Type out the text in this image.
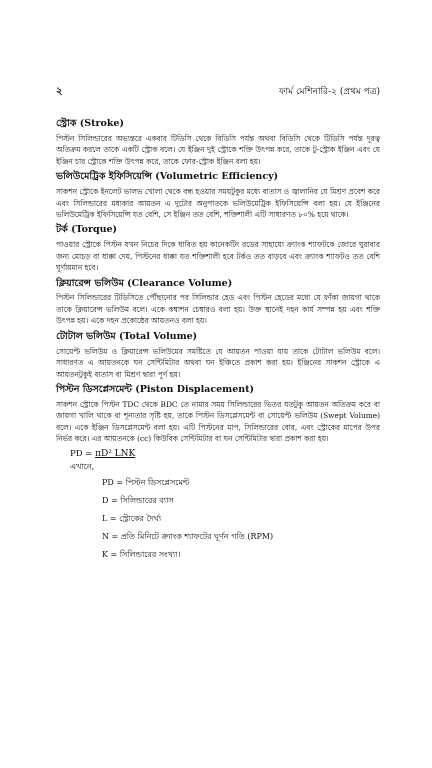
২	ফার্ম মেশিনারি-২ (প্রথম পত্র)
স্ট্রোক (Stroke)

পিস্টন সিলিন্ডারের অভ্যন্তরে একবার টিডিসি থেকে বিডিসি পর্যন্ত অথবা বিডিসি থেকে টিডিসি পর্যন্ত দূরত্ব অতিক্রম করলে তাকে একটি স্ট্রোক বলে। যে ইঞ্জিন দুই স্ট্রোকে শক্তি উৎপন্ন করে, তাকে টু-স্ট্রোক ইঞ্জিন এবং যে ইঞ্জিন চার স্ট্রোকে শক্তি উৎপন্ন করে, তাকে ফোর-স্ট্রোক ইঞ্জিন বলা হয়।

ভলিউমেট্রিক ইফিসিয়েন্সি (Volumetric Efficiency)

সাকশন স্ট্রোকে ইনলেট ভালভ খোলা থেকে বন্ধ হওয়ার সময়টুকুর মধ্যে বাতাস ও জ্বালানির যে মিশ্রণ প্রবেশ করে এবং সিলিন্ডারের মধ্যকার আয়তন এ দুটোর অনুপাতকে ভলিউমেট্রিক ইফিসিয়েন্সি বলা হয়। যে ইঞ্জিনের ভলিউমেট্রিক ইফিসিয়েন্সি যত বেশি, সে ইঞ্জিন তত বেশি, শক্তিশালী এটি সাধারণত ৮০% হয়ে থাকে।

টর্ক (Torque)

পাওয়ার স্ট্রোকে পিস্টন যখন নিচের দিকে ধাবিত হয় কানেকটিং রডের সাহায্যে ক্র্যাংক শ্যাফটকে জোরে ঘুরাবার জন্য মোচড় বা ধাক্কা দেয়, পিস্টনের ধাক্কা যত শক্তিশালী হবে টর্কও তত বাড়বে এবং ক্র্যাংক শ্যাফটও তত বেশি ঘূর্ণায়মান হবে।

ক্লিয়ারেন্স ভলিউম (Clearance Volume)

পিস্টন সিলিন্ডারের টিডিসিতে পৌঁছানোর পর সিলিন্ডার হেড এবং পিস্টন হেডের মধ্যে যে ফাঁকা জায়গা থাকে তাকে ক্লিয়ারেন্স ভলিউম বলে। একে কম্বাশন চেম্বারও বলা হয়। উক্ত স্থানেই দহন কার্য সম্পন্ন হয় এবং শক্তি উৎপন্ন হয়। একে দহন প্রকোষ্ঠের আয়তনও বলা হয়।

টোটাল ভলিউম (Total Volume)

সোয়েপ্ট ভলিউম ও ক্লিয়ারেন্স ভলিউমের সমষ্টিতে যে আয়তন পাওয়া যায় তাকে টোটাল ভলিউম বলে। সাধারণত এ আয়তনকে ঘন সেন্টিমিটার অথবা ঘন ইঞ্চিতে প্রকাশ করা হয়। ইঞ্জিনের সাকশন স্ট্রোকে এ আয়তনটুকুই বাতাস বা মিশ্রণ দ্বারা পূর্ণ হয়।

পিস্টন ডিসপ্লেসমেন্ট (Piston Displacement)

সাকশন স্ট্রোকে পিস্টন TDC থেকে BDC তে নামার সময় সিলিন্ডারের ভিতর যতটুকু আয়তন অতিক্রম করে বা জায়গা খালি থাকে বা শূন্যতার সৃষ্টি হয়, তাকে পিস্টন ডিসপ্লেসমেন্ট বা সোয়েপ্ট ভলিউম (Swept Volume) বলে। একে ইঞ্জিন ডিসপ্লেসমেন্ট বলা হয়। এটি পিস্টনের মাপ, সিলিন্ডারের বোর, এবং স্ট্রোকের মাপের উপর নির্ভর করে। এর আয়তনকে (cc) কিউবিক সেন্টিমিটার বা ঘন সেন্টিমিটার দ্বারা প্রকাশ করা হয়।

PD = πD² LNK
এখানে,
PD = পিস্টন ডিসপ্লেসমেন্ট
D = সিলিন্ডারের ব্যাস
L = স্ট্রোকের দৈর্ঘ্য
N = প্রতি মিনিটে ক্র্যাংক শ্যাফটের ঘূর্ণন গতি (RPM)
K = সিলিন্ডারের সংখ্যা।
